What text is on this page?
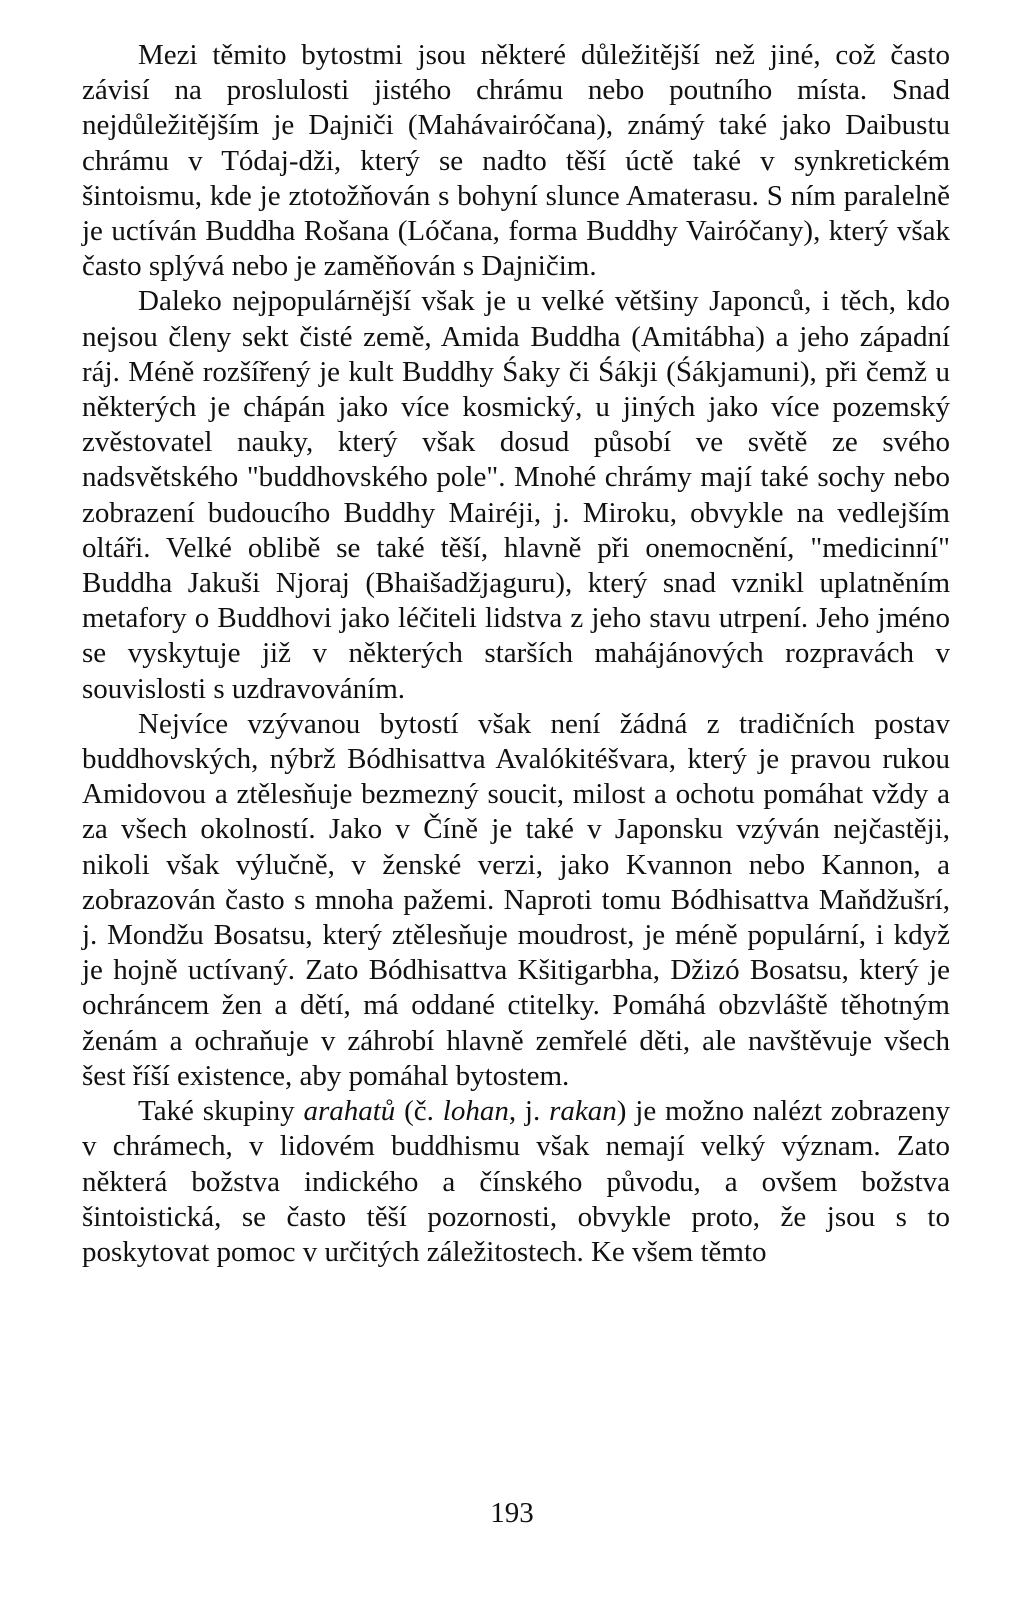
Mezi těmito bytostmi jsou některé důležitější než jiné, což často závisí na proslulosti jistého chrámu nebo poutního místa. Snad nejdůležitějším je Dajniči (Mahávairóčana), známý také jako Daibustu chrámu v Tódaj-dži, který se nadto těší úctě také v synkretickém šintoismu, kde je ztotožňován s bohyní slunce Amaterasu. S ním paralelně je uctíván Buddha Rošana (Lóčana, forma Buddhy Vairóčany), který však často splývá nebo je zaměňován s Dajničim.

Daleko nejpopulárnější však je u velké většiny Japonců, i těch, kdo nejsou členy sekt čisté země, Amida Buddha (Amitábha) a jeho západní ráj. Méně rozšířený je kult Buddhy Śaky či Śákji (Śákjamuni), při čemž u některých je chápán jako více kosmický, u jiných jako více pozemský zvěstovatel nauky, který však dosud působí ve světě ze svého nadsvětského "buddhovského pole". Mnohé chrámy mají také sochy nebo zobrazení budoucího Buddhy Mairéji, j. Miroku, obvykle na vedlejším oltáři. Velké oblibě se také těší, hlavně při onemocnění, "medicinní" Buddha Jakuši Njoraj (Bhaišadžjaguru), který snad vznikl uplatněním metafory o Buddhovi jako léčiteli lidstva z jeho stavu utrpení. Jeho jméno se vyskytuje již v některých starších mahájánových rozpravách v souvislosti s uzdravováním.

Nejvíce vzývanou bytostí však není žádná z tradičních postav buddhovských, nýbrž Bódhisattva Avalókitéšvara, který je pravou rukou Amidovou a ztělesňuje bezmezný soucit, milost a ochotu pomáhat vždy a za všech okolností. Jako v Číně je také v Japonsku vzýván nejčastěji, nikoli však výlučně, v ženské verzi, jako Kvannon nebo Kannon, a zobrazován často s mnoha pažemi. Naproti tomu Bódhisattva Maňdžušrí, j. Mondžu Bosatsu, který ztělesňuje moudrost, je méně populární, i když je hojně uctívaný. Zato Bódhisattva Kšitigarbha, Džizó Bosatsu, který je ochráncem žen a dětí, má oddané ctitelky. Pomáhá obzvláště těhotným ženám a ochraňuje v záhrobí hlavně zemřelé děti, ale navštěvuje všech šest říší existence, aby pomáhal bytostem.

Také skupiny arahatů (č. lohan, j. rakan) je možno nalézt zobrazeny v chrámech, v lidovém buddhismu však nemají velký význam. Zato některá božstva indického a čínského původu, a ovšem božstva šintoistická, se často těší pozornosti, obvykle proto, že jsou s to poskytovat pomoc v určitých záležitostech. Ke všem těmto

193
